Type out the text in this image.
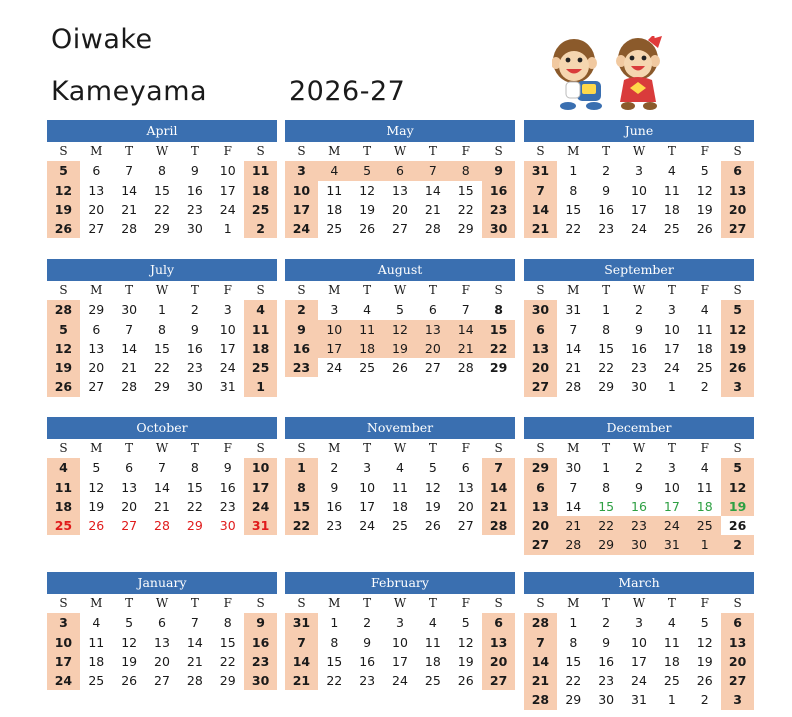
Oiwake
Kameyama	2026-27
April
S	M	T	W	T	F	S
5	6	7	8	9	10	11
12	13	14	15	16	17	18
19	20	21	22	23	24	25
26	27	28	29	30	1	2
May
S	M	T	W	T	F	S
3	4	5	6	7	8	9
10	11	12	13	14	15	16
17	18	19	20	21	22	23
24	25	26	27	28	29	30
June
S	M	T	W	T	F	S
31	1	2	3	4	5	6
7	8	9	10	11	12	13
14	15	16	17	18	19	20
21	22	23	24	25	26	27
July
S	M	T	W	T	F	S
28	29	30	1	2	3	4
5	6	7	8	9	10	11
12	13	14	15	16	17	18
19	20	21	22	23	24	25
26	27	28	29	30	31	1
August
S	M	T	W	T	F	S
2	3	4	5	6	7	8
9	10	11	12	13	14	15
16	17	18	19	20	21	22
23	24	25	26	27	28	29
September
S	M	T	W	T	F	S
30	31	1	2	3	4	5
6	7	8	9	10	11	12
13	14	15	16	17	18	19
20	21	22	23	24	25	26
27	28	29	30	1	2	3
October
S	M	T	W	T	F	S
4	5	6	7	8	9	10
11	12	13	14	15	16	17
18	19	20	21	22	23	24
25	26	27	28	29	30	31
November
S	M	T	W	T	F	S
1	2	3	4	5	6	7
8	9	10	11	12	13	14
15	16	17	18	19	20	21
22	23	24	25	26	27	28
December
S	M	T	W	T	F	S
29	30	1	2	3	4	5
6	7	8	9	10	11	12
13	14	15	16	17	18	19
20	21	22	23	24	25	26
27	28	29	30	31	1	2
January
S	M	T	W	T	F	S
3	4	5	6	7	8	9
10	11	12	13	14	15	16
17	18	19	20	21	22	23
24	25	26	27	28	29	30
February
S	M	T	W	T	F	S
31	1	2	3	4	5	6
7	8	9	10	11	12	13
14	15	16	17	18	19	20
21	22	23	24	25	26	27
March
S	M	T	W	T	F	S
28	1	2	3	4	5	6
7	8	9	10	11	12	13
14	15	16	17	18	19	20
21	22	23	24	25	26	27
28	29	30	31	1	2	3
